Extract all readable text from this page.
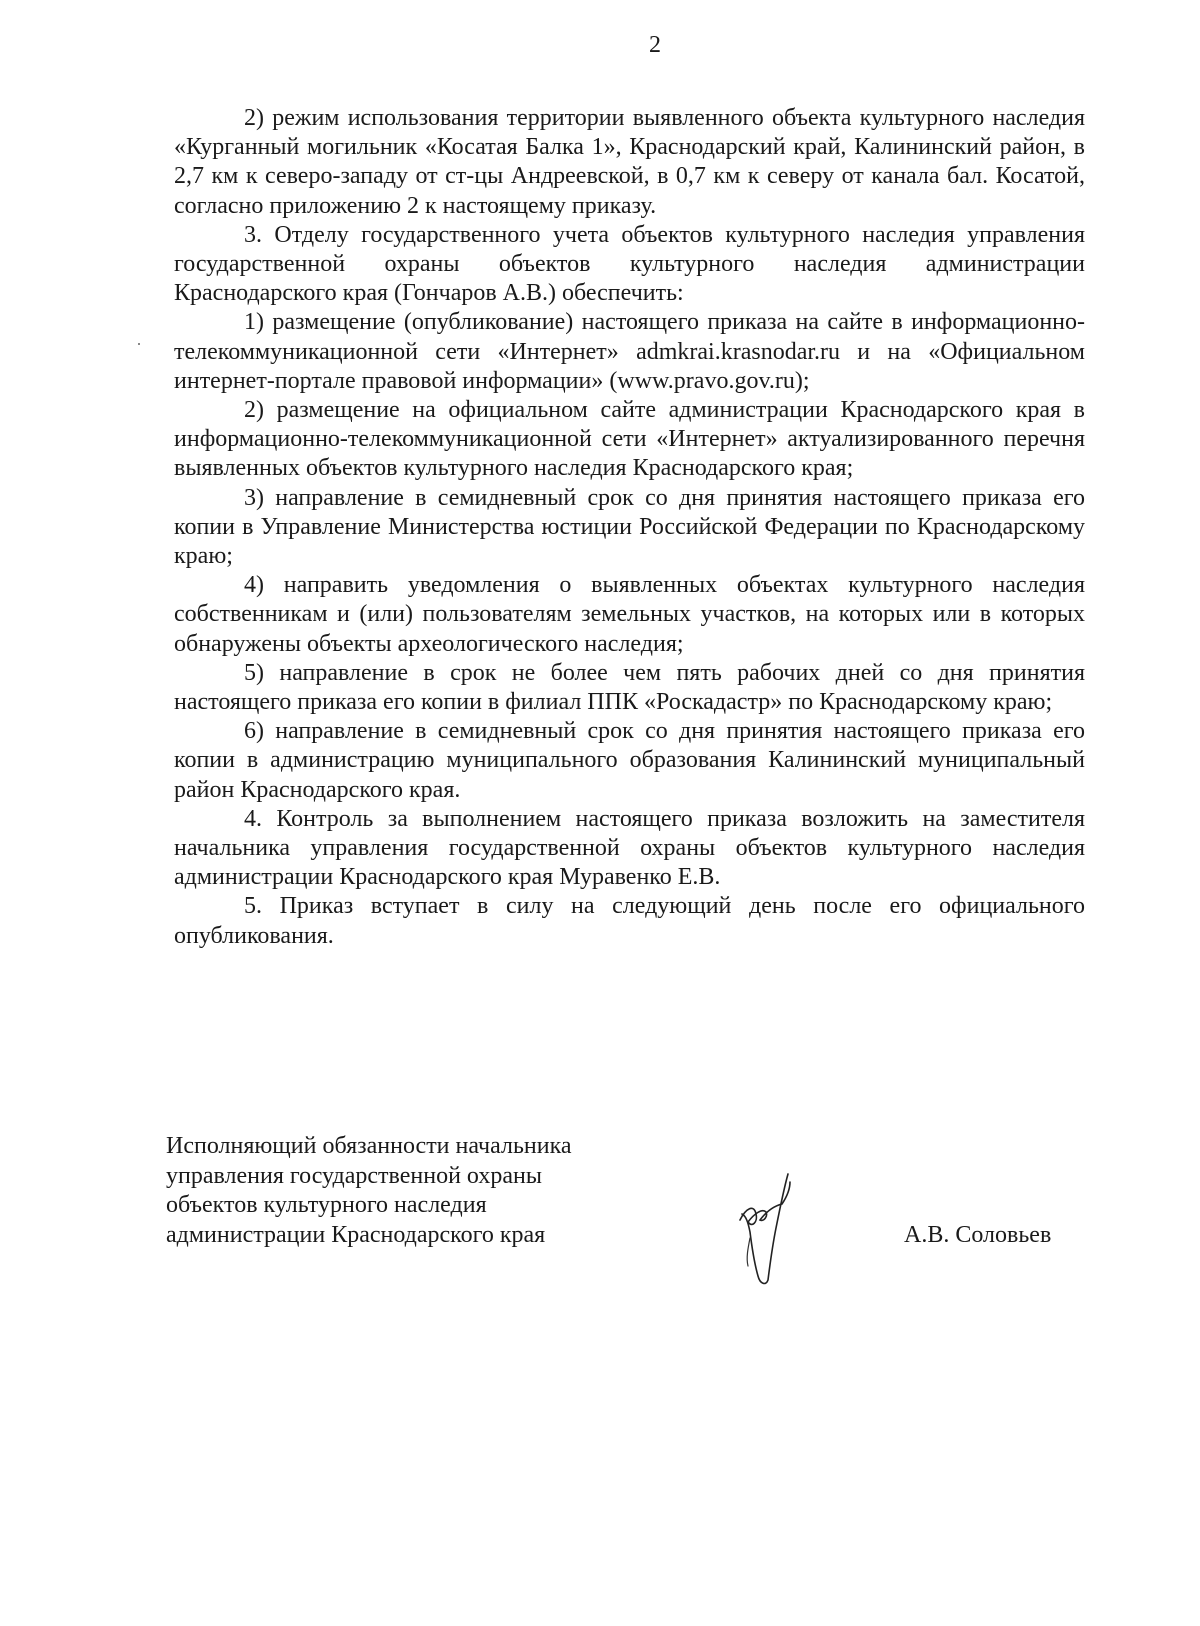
2

2) режим использования территории выявленного объекта культурного наследия «Курганный могильник «Косатая Балка 1», Краснодарский край, Калининский район, в 2,7 км к северо-западу от ст-цы Андреевской, в 0,7 км к северу от канала бал. Косатой, согласно приложению 2 к настоящему приказу.

3. Отделу государственного учета объектов культурного наследия управления государственной охраны объектов культурного наследия администрации Краснодарского края (Гончаров А.В.) обеспечить:

1) размещение (опубликование) настоящего приказа на сайте в информационно-телекоммуникационной сети «Интернет» admkrai.krasnodar.ru и на «Официальном интернет-портале правовой информации» (www.pravo.gov.ru);

2) размещение на официальном сайте администрации Краснодарского края в информационно-телекоммуникационной сети «Интернет» актуализированного перечня выявленных объектов культурного наследия Краснодарского края;

3) направление в семидневный срок со дня принятия настоящего приказа его копии в Управление Министерства юстиции Российской Федерации по Краснодарскому краю;

4) направить уведомления о выявленных объектах культурного наследия собственникам и (или) пользователям земельных участков, на которых или в которых обнаружены объекты археологического наследия;

5) направление в срок не более чем пять рабочих дней со дня принятия настоящего приказа его копии в филиал ППК «Роскадастр» по Краснодарскому краю;

6) направление в семидневный срок со дня принятия настоящего приказа его копии в администрацию муниципального образования Калининский муниципальный район Краснодарского края.

4. Контроль за выполнением настоящего приказа возложить на заместителя начальника управления государственной охраны объектов культурного наследия администрации Краснодарского края Муравенко Е.В.

5. Приказ вступает в силу на следующий день после его официального опубликования.

Исполняющий обязанности начальника
управления государственной охраны
объектов культурного наследия
администрации Краснодарского края	А.В. Соловьев
